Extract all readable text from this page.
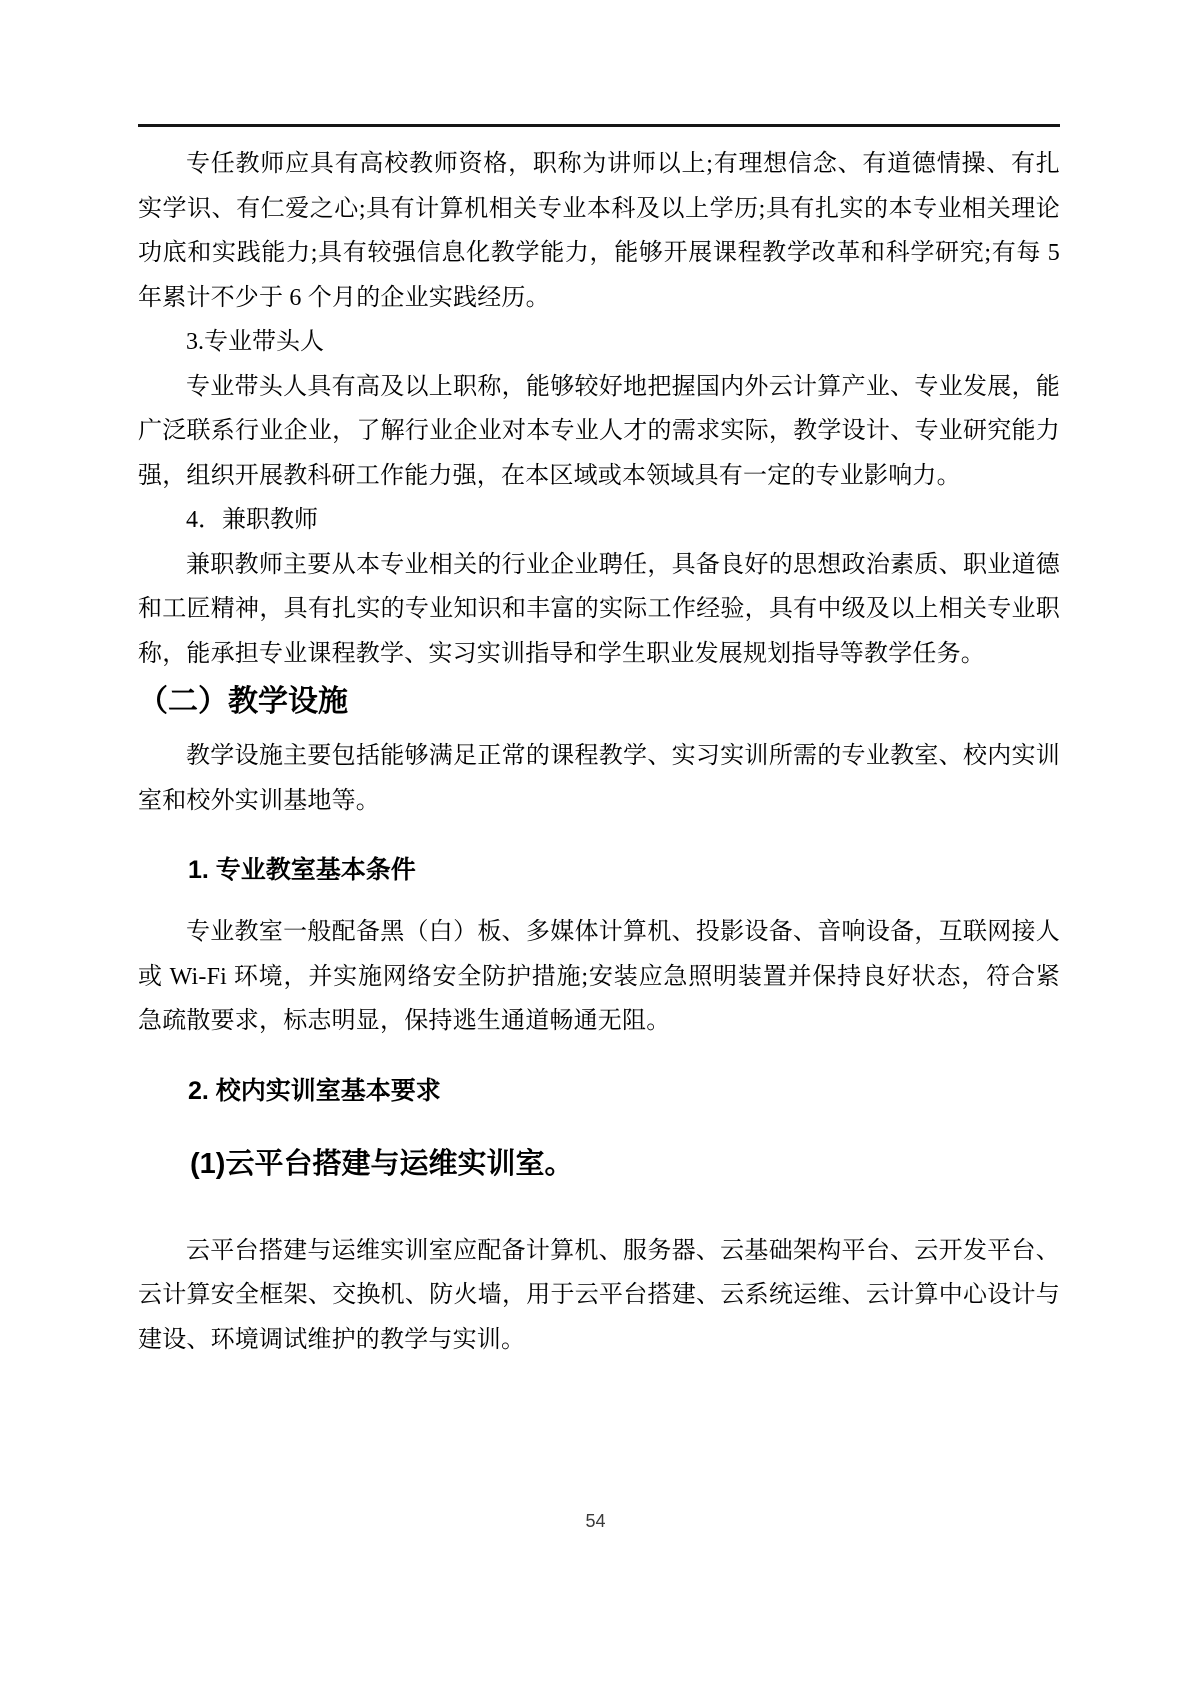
专任教师应具有高校教师资格，职称为讲师以上;有理想信念、有道德情操、有扎实学识、有仁爱之心;具有计算机相关专业本科及以上学历;具有扎实的本专业相关理论功底和实践能力;具有较强信息化教学能力，能够开展课程教学改革和科学研究;有每 5 年累计不少于 6 个月的企业实践经历。

3.专业带头人

专业带头人具有高及以上职称，能够较好地把握国内外云计算产业、专业发展，能广泛联系行业企业，了解行业企业对本专业人才的需求实际，教学设计、专业研究能力强，组织开展教科研工作能力强，在本区域或本领域具有一定的专业影响力。

4．兼职教师

兼职教师主要从本专业相关的行业企业聘任，具备良好的思想政治素质、职业道德和工匠精神，具有扎实的专业知识和丰富的实际工作经验，具有中级及以上相关专业职称，能承担专业课程教学、实习实训指导和学生职业发展规划指导等教学任务。

（二）教学设施

教学设施主要包括能够满足正常的课程教学、实习实训所需的专业教室、校内实训室和校外实训基地等。

1. 专业教室基本条件

专业教室一般配备黑（白）板、多媒体计算机、投影设备、音响设备，互联网接人或 Wi-Fi 环境，并实施网络安全防护措施;安装应急照明装置并保持良好状态，符合紧急疏散要求，标志明显，保持逃生通道畅通无阻。

2. 校内实训室基本要求
(1)云平台搭建与运维实训室。

云平台搭建与运维实训室应配备计算机、服务器、云基础架构平台、云开发平台、云计算安全框架、交换机、防火墙，用于云平台搭建、云系统运维、云计算中心设计与建设、环境调试维护的教学与实训。

54
